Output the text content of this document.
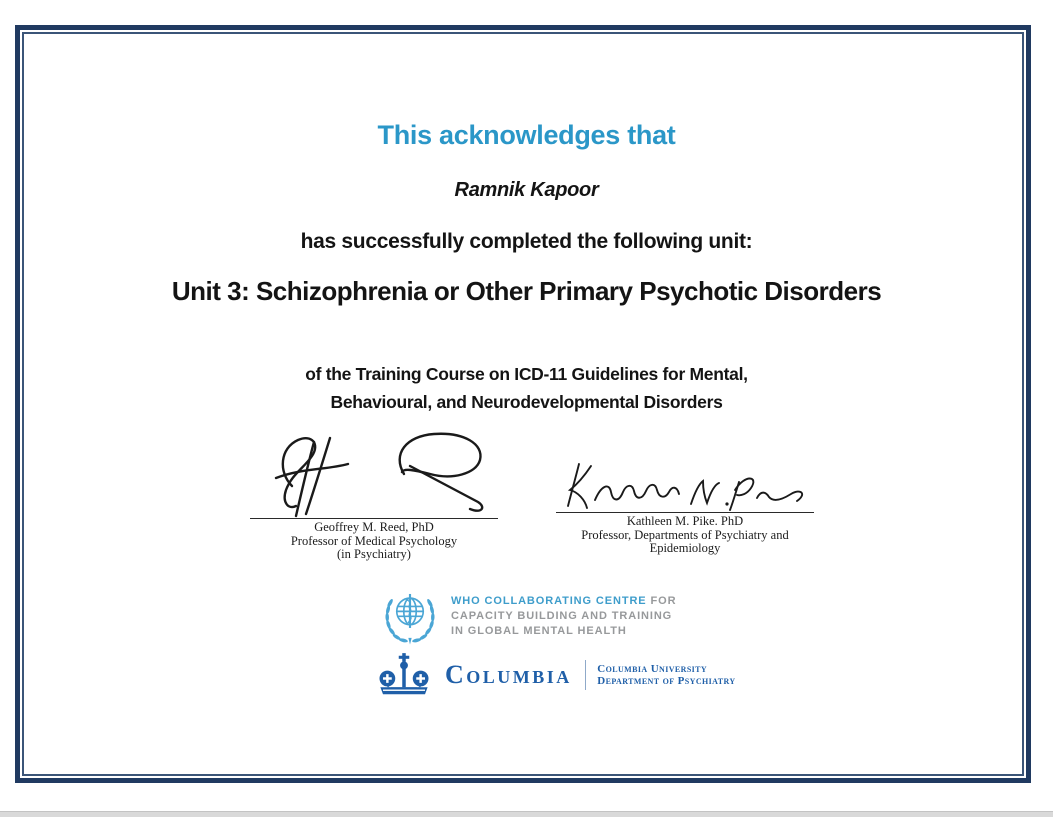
This acknowledges that
Ramnik Kapoor
has successfully completed the following unit:
Unit 3: Schizophrenia or Other Primary Psychotic Disorders
of the Training Course on ICD-11 Guidelines for Mental,
Behavioural, and Neurodevelopmental Disorders
Geoffrey M. Reed, PhD
Professor of Medical Psychology
(in Psychiatry)
Kathleen M. Pike. PhD
Professor, Departments of Psychiatry and
Epidemiology
WHO COLLABORATING CENTRE FOR
CAPACITY BUILDING AND TRAINING
IN GLOBAL MENTAL HEALTH
Columbia Columbia University
Department of Psychiatry
